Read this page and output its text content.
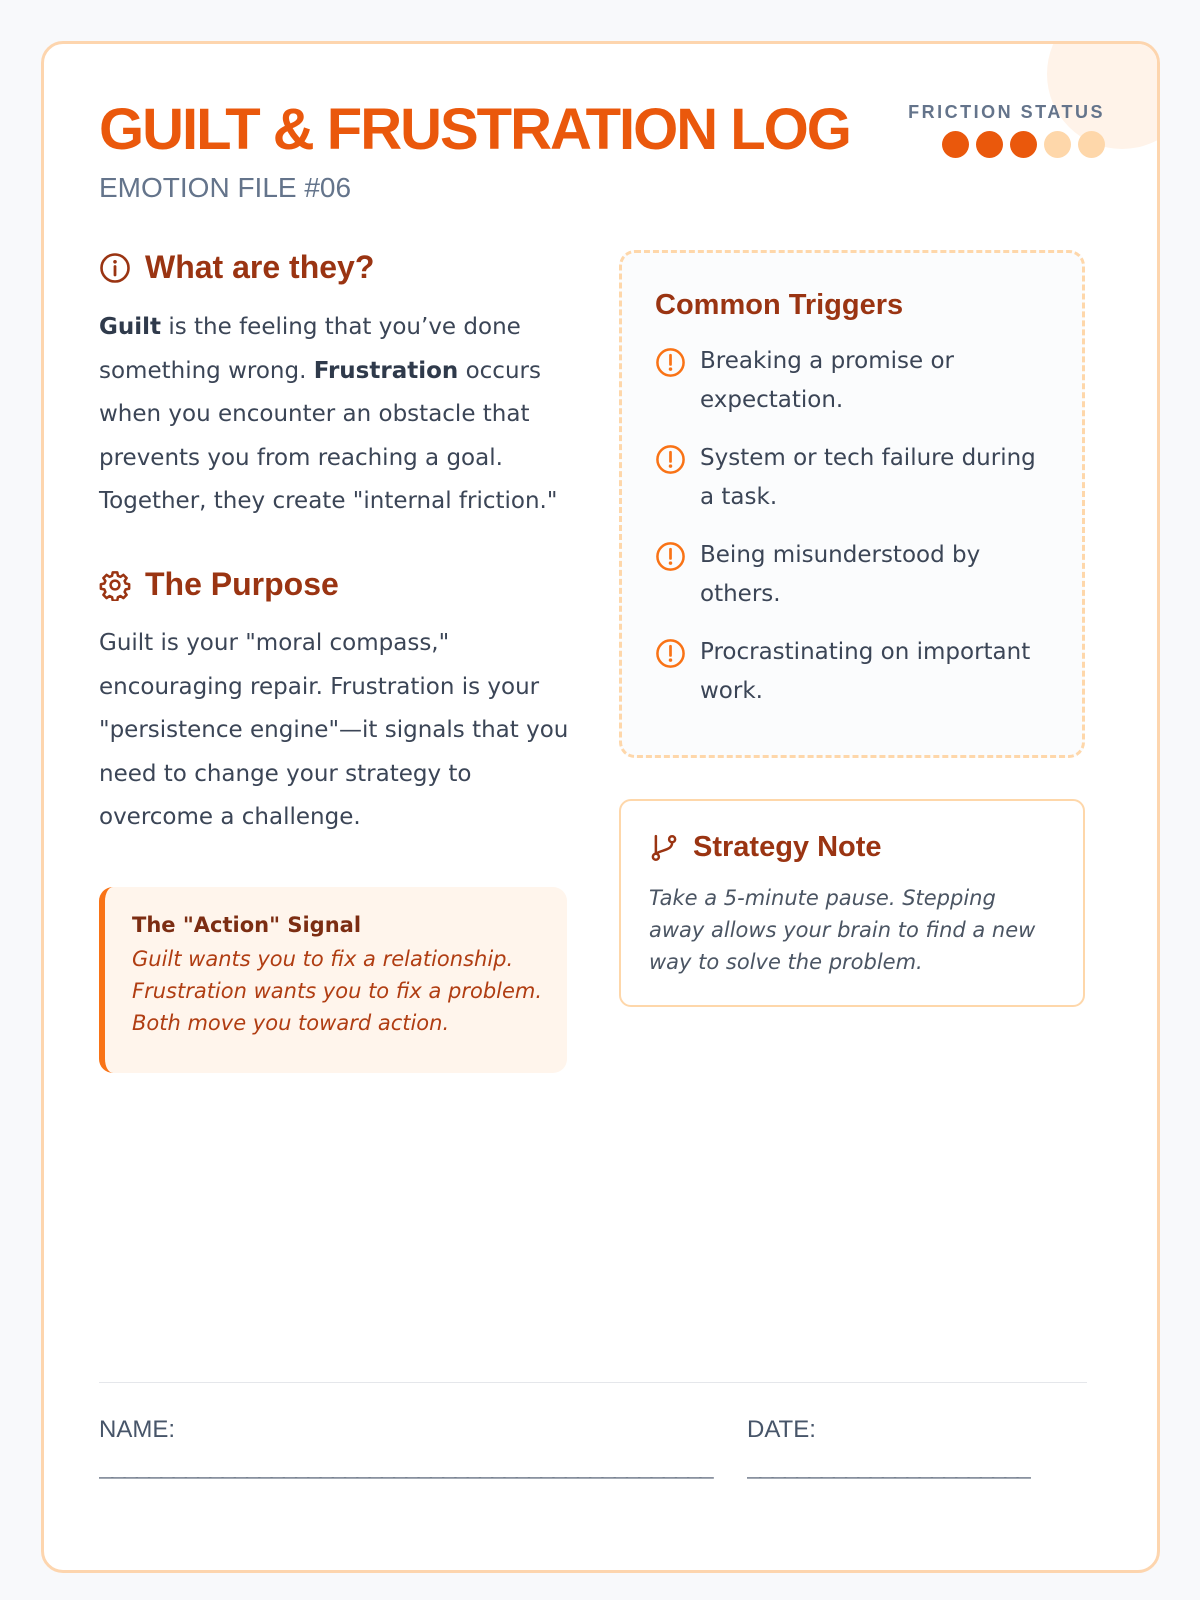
GUILT & FRUSTRATION LOG
EMOTION FILE #06
FRICTION STATUS
What are they?
Guilt is the feeling that you’ve done something wrong. Frustration occurs when you encounter an obstacle that prevents you from reaching a goal. Together, they create "internal friction."
The Purpose
Guilt is your "moral compass," encouraging repair. Frustration is your "persistence engine"—it signals that you need to change your strategy to overcome a challenge.
The "Action" Signal
Guilt wants you to fix a relationship. Frustration wants you to fix a problem. Both move you toward action.
Common Triggers
Breaking a promise or expectation.
System or tech failure during a task.
Being misunderstood by others.
Procrastinating on important work.
Strategy Note
Take a 5-minute pause. Stepping away allows your brain to find a new way to solve the problem.
NAME:
__________________________________________________
DATE:
_______________________
